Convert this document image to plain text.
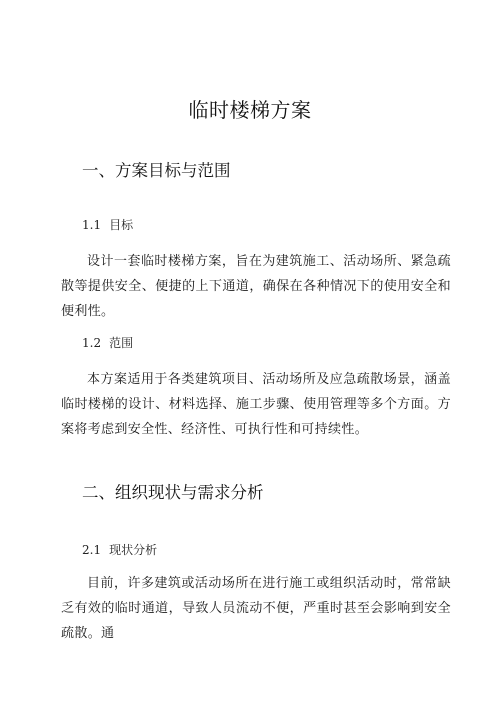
临时楼梯方案
一、方案目标与范围
1.1 目标
设计一套临时楼梯方案，旨在为建筑施工、活动场所、紧急疏散等提供安全、便捷的上下通道，确保在各种情况下的使用安全和便利性。
1.2 范围
本方案适用于各类建筑项目、活动场所及应急疏散场景，涵盖临时楼梯的设计、材料选择、施工步骤、使用管理等多个方面。方案将考虑到安全性、经济性、可执行性和可持续性。
二、组织现状与需求分析
2.1 现状分析
目前，许多建筑或活动场所在进行施工或组织活动时，常常缺乏有效的临时通道，导致人员流动不便，严重时甚至会影响到安全疏散。通
